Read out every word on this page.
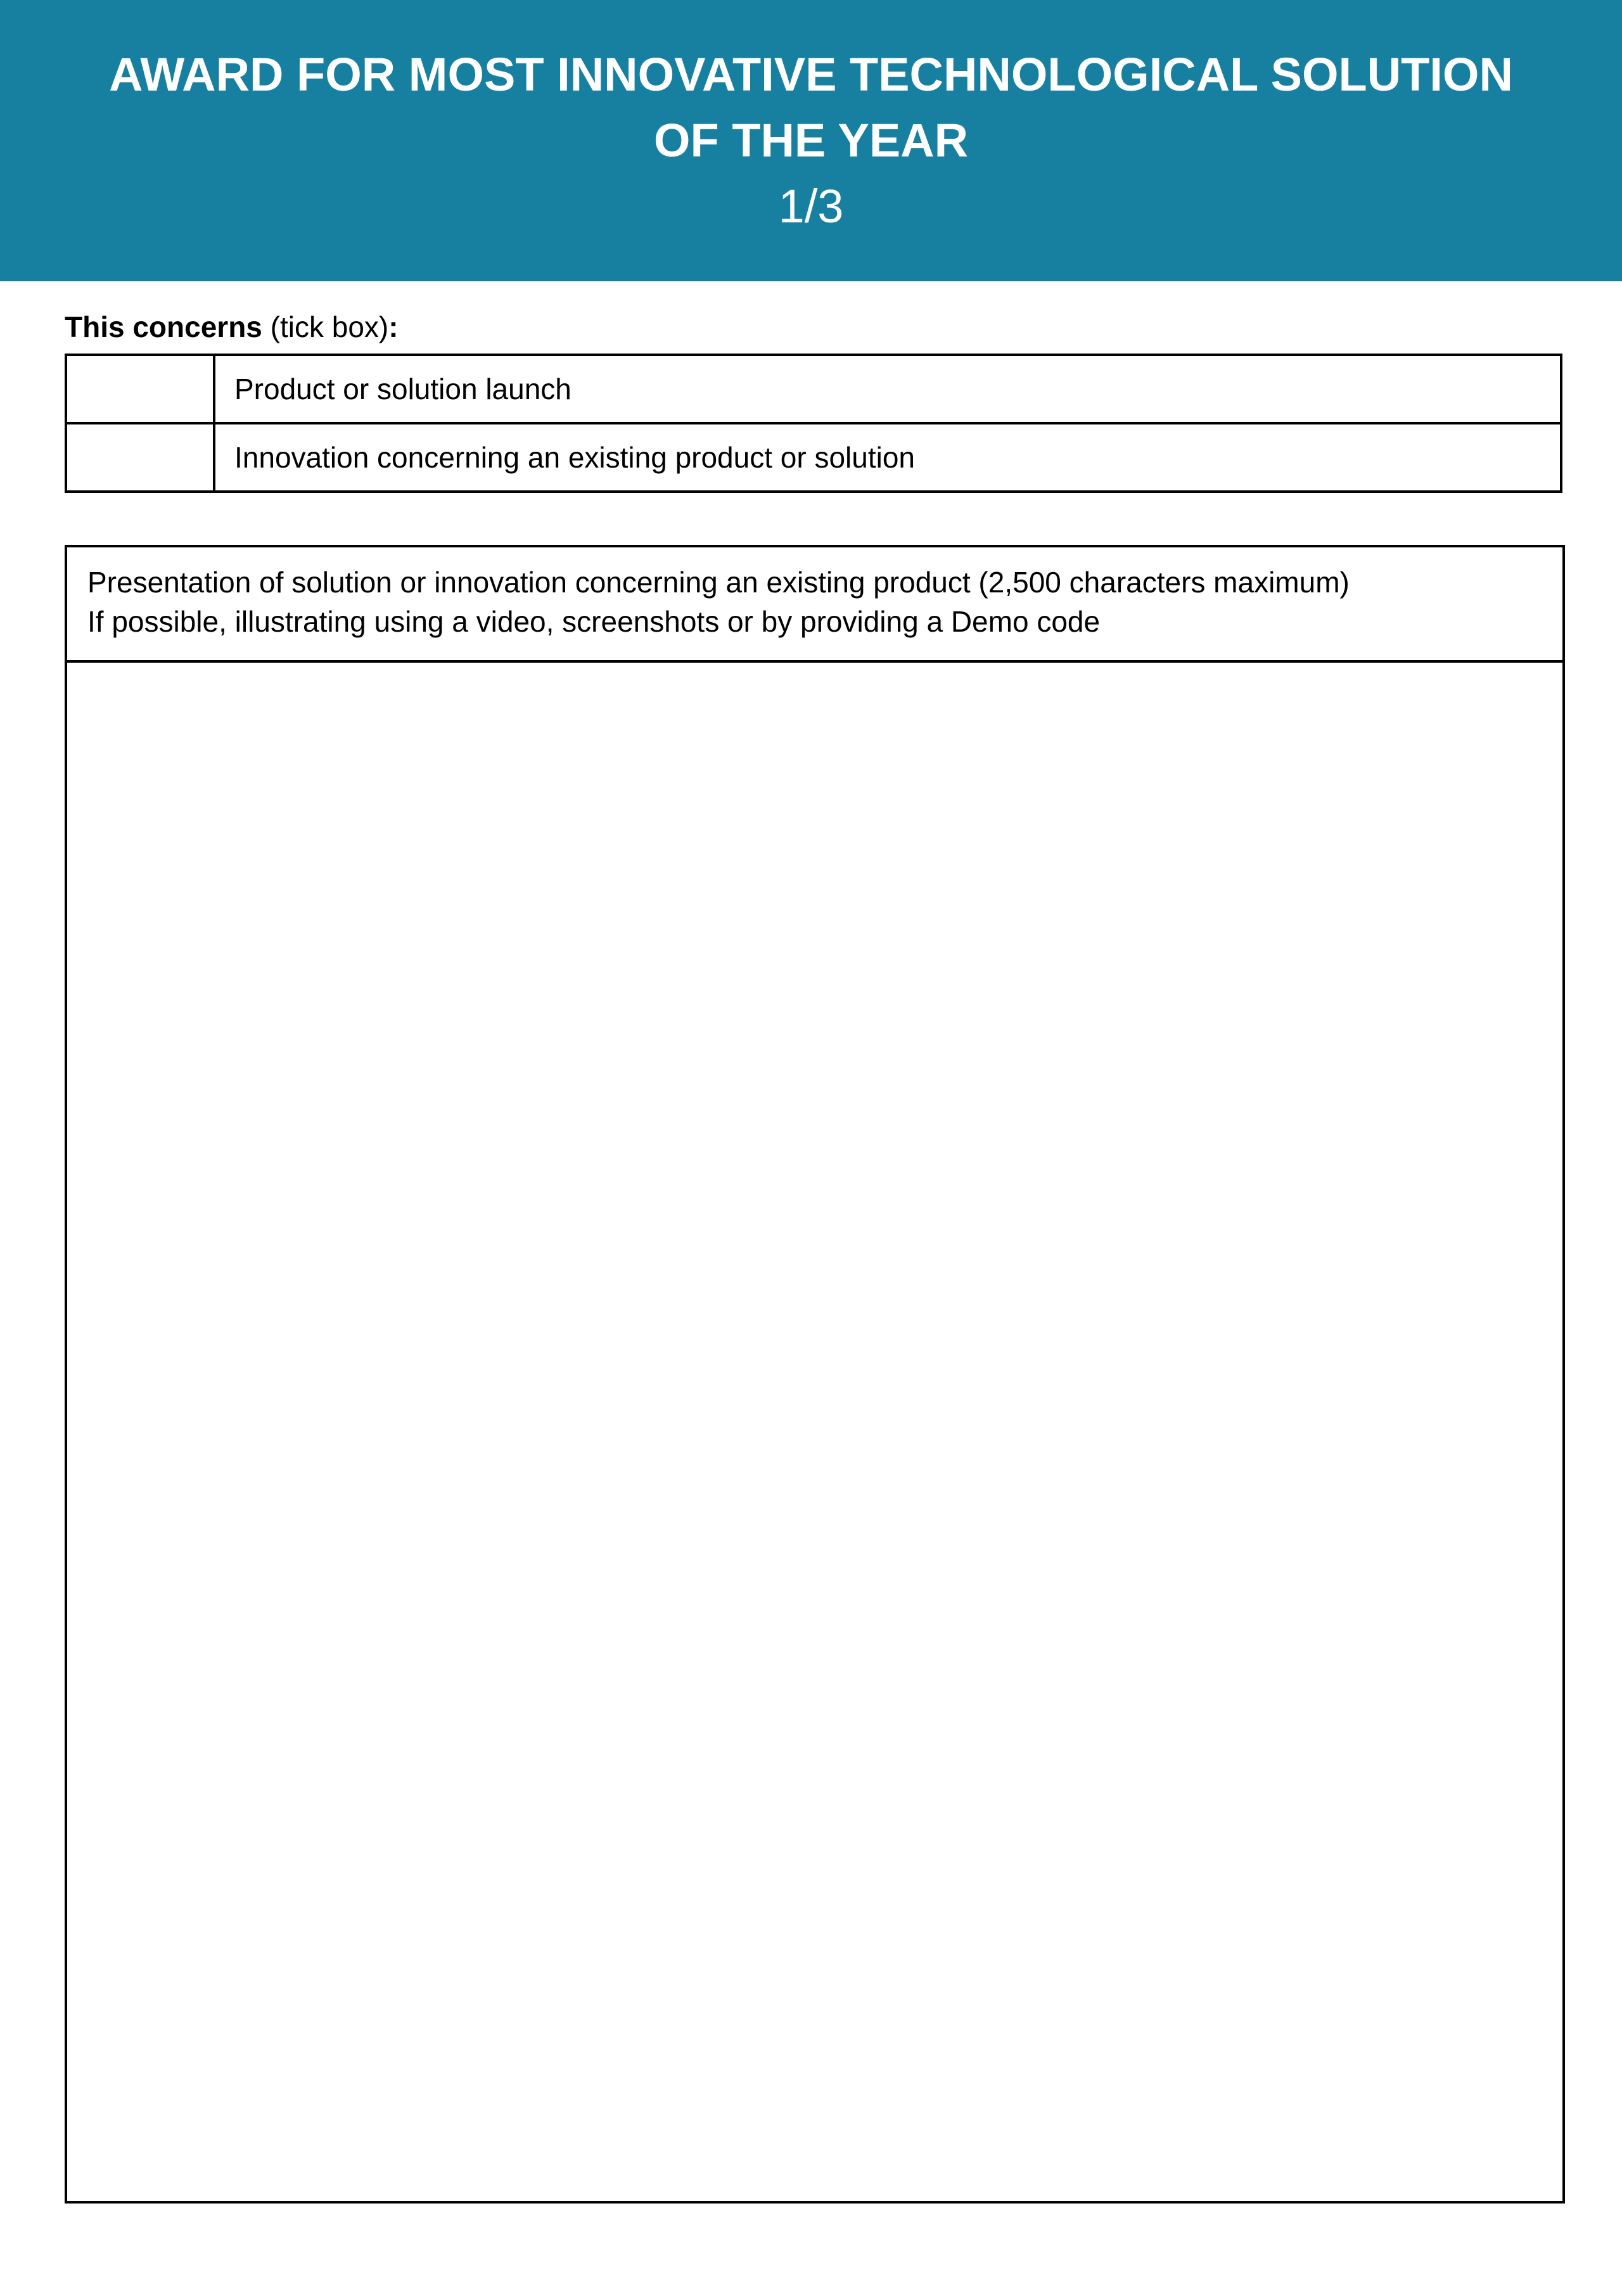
AWARD FOR MOST INNOVATIVE TECHNOLOGICAL SOLUTION
OF THE YEAR
1/3
This concerns (tick box):
Product or solution launch
Innovation concerning an existing product or solution
Presentation of solution or innovation concerning an existing product (2,500 characters maximum)
If possible, illustrating using a video, screenshots or by providing a Demo code
